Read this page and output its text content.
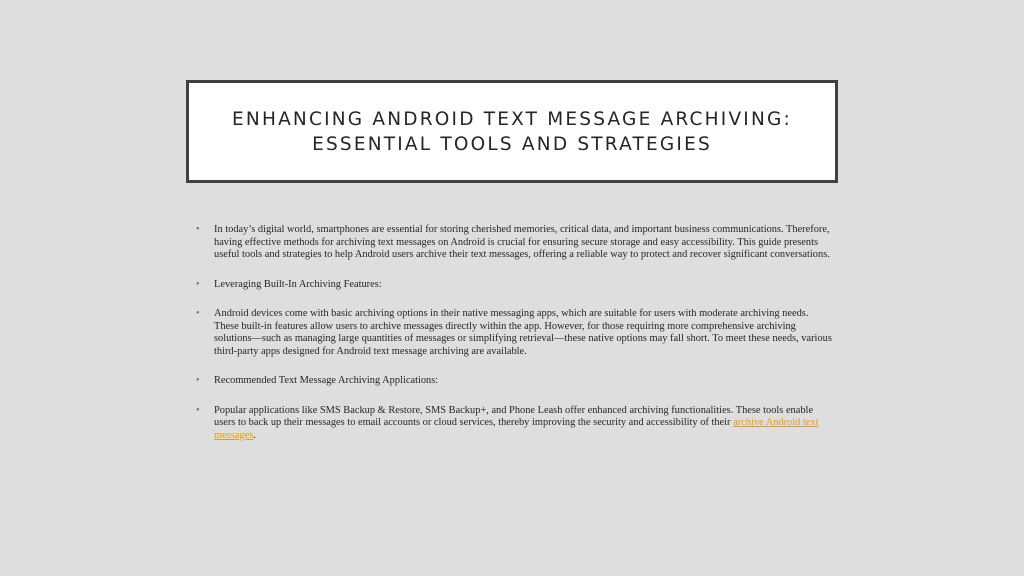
ENHANCING ANDROID TEXT MESSAGE ARCHIVING:
ESSENTIAL TOOLS AND STRATEGIES
• In today’s digital world, smartphones are essential for storing cherished memories, critical data, and important business communications. Therefore, having effective methods for archiving text messages on Android is crucial for ensuring secure storage and easy accessibility. This guide presents useful tools and strategies to help Android users archive their text messages, offering a reliable way to protect and recover significant conversations.
• Leveraging Built-In Archiving Features:
• Android devices come with basic archiving options in their native messaging apps, which are suitable for users with moderate archiving needs. These built-in features allow users to archive messages directly within the app. However, for those requiring more comprehensive archiving solutions—such as managing large quantities of messages or simplifying retrieval—these native options may fall short. To meet these needs, various third-party apps designed for Android text message archiving are available.
• Recommended Text Message Archiving Applications:
• Popular applications like SMS Backup & Restore, SMS Backup+, and Phone Leash offer enhanced archiving functionalities. These tools enable users to back up their messages to email accounts or cloud services, thereby improving the security and accessibility of their archive Android text messages.
